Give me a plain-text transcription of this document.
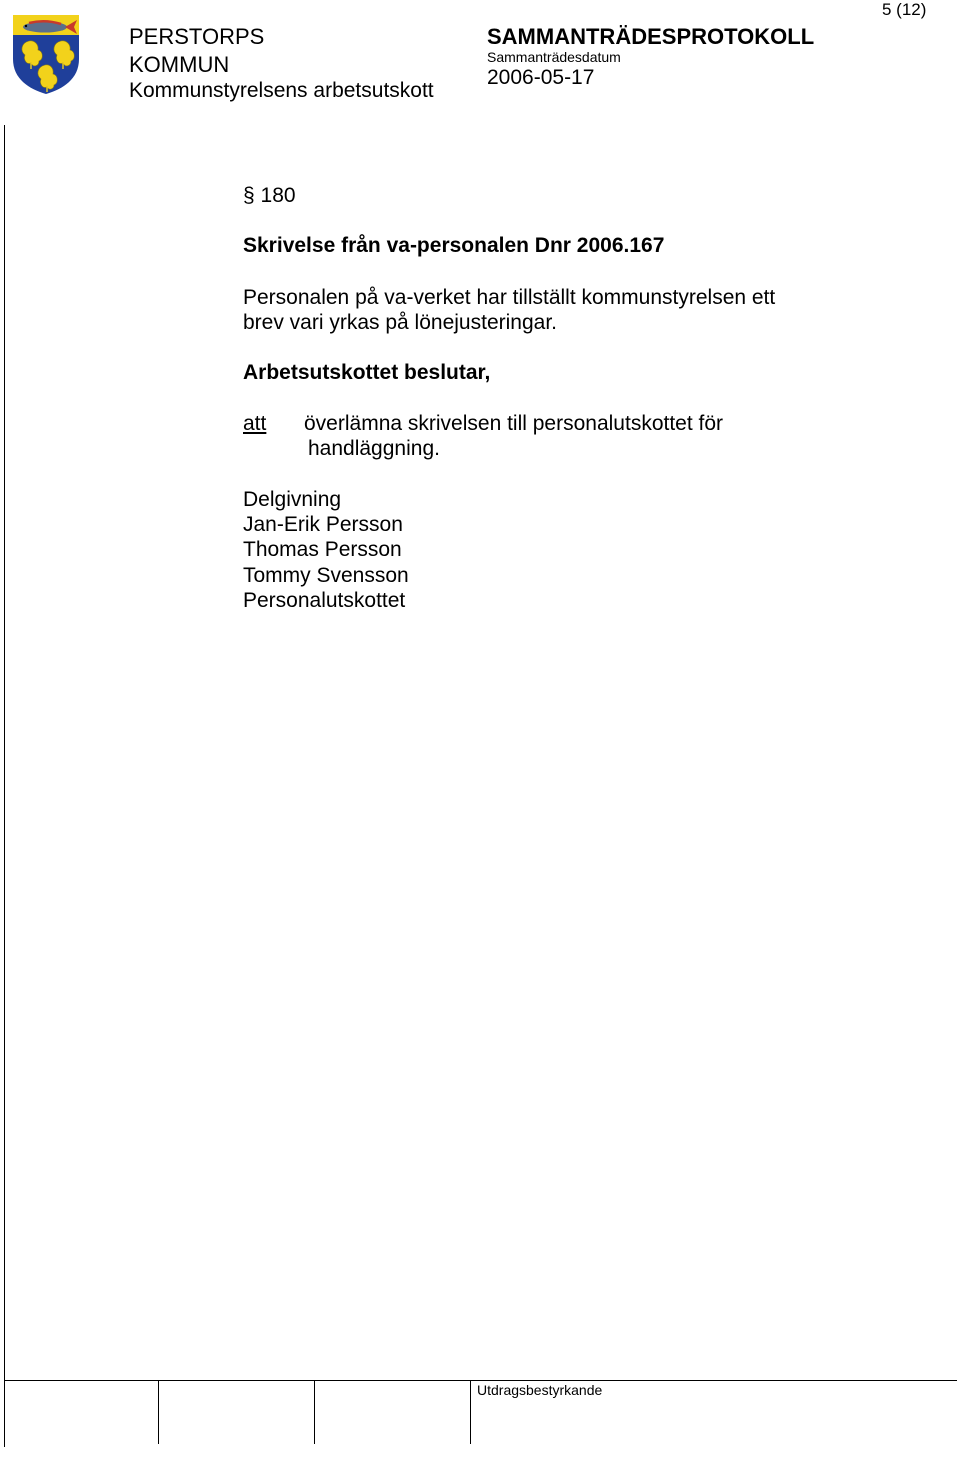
5 (12)
PERSTORPS
KOMMUN
Kommunstyrelsens arbetsutskott
SAMMANTRÄDESPROTOKOLL
Sammanträdesdatum
2006-05-17
§ 180
Skrivelse från va-personalen Dnr 2006.167
Personalen på va-verket har tillställt kommunstyrelsen ett
brev vari yrkas på lönejusteringar.
Arbetsutskottet beslutar,
att överlämna skrivelsen till personalutskottet för
handläggning.
Delgivning
Jan-Erik Persson
Thomas Persson
Tommy Svensson
Personalutskottet
Utdragsbestyrkande
